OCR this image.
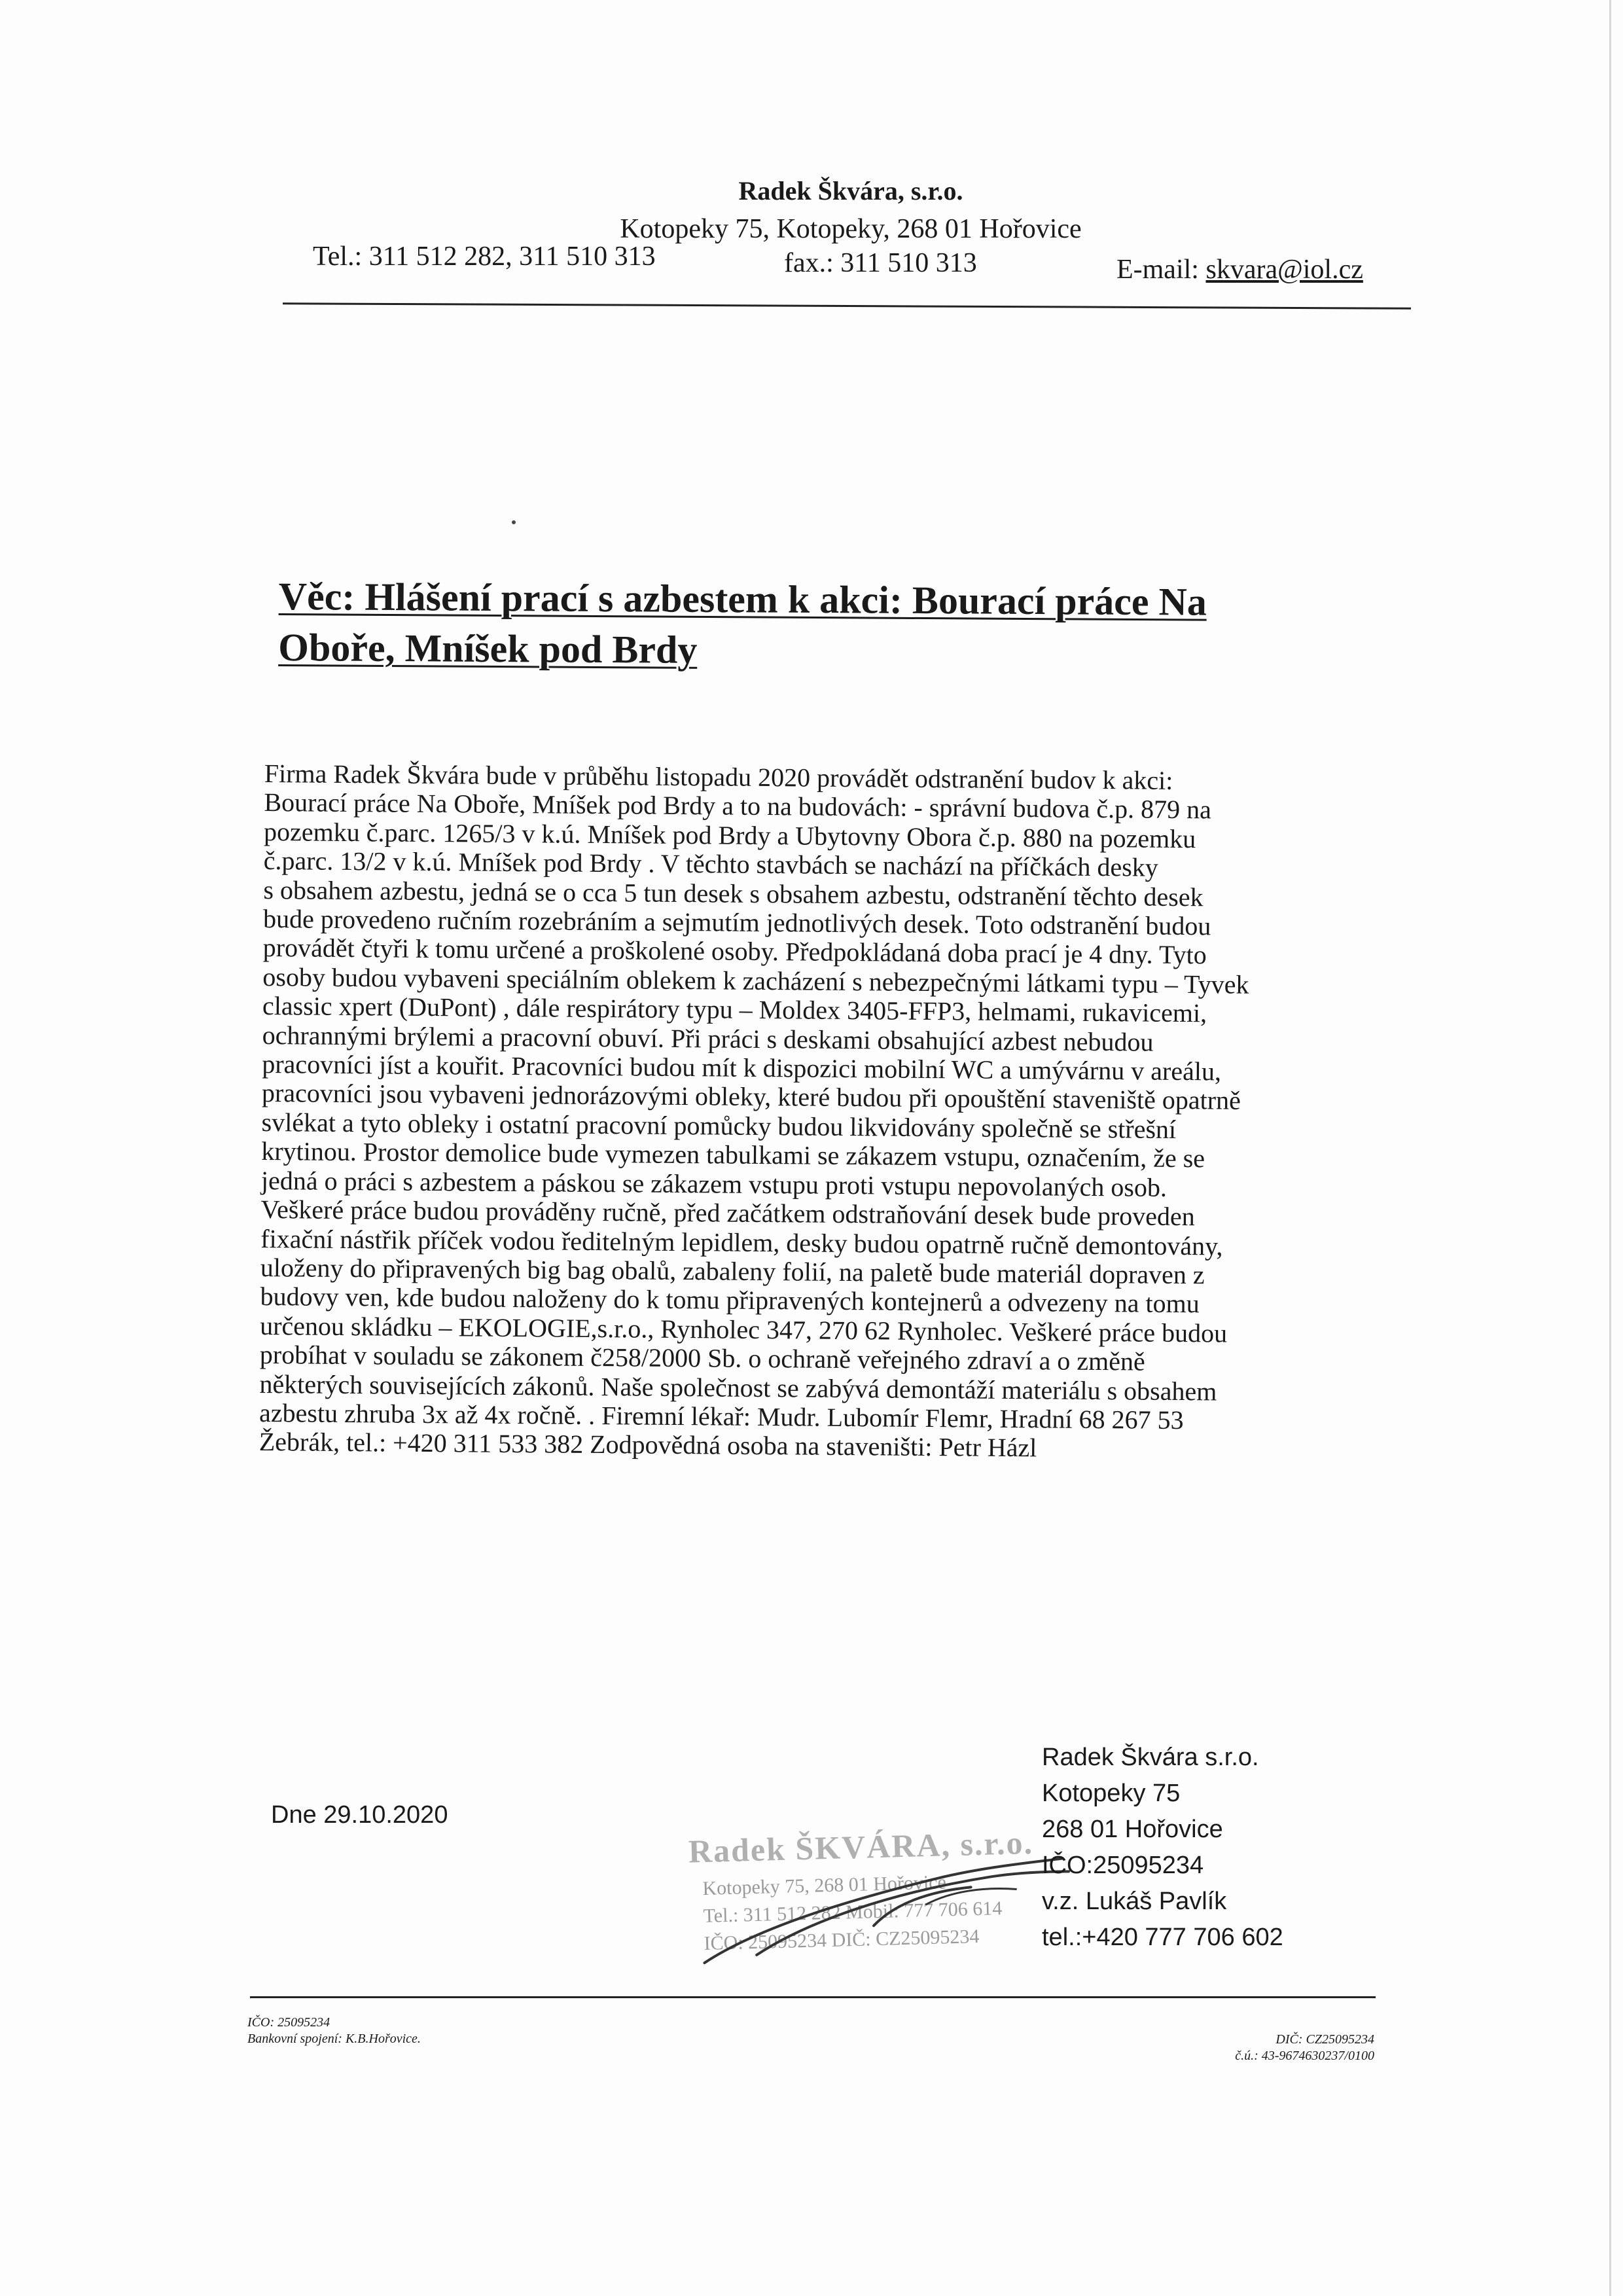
Radek Škvára, s.r.o.
Kotopeky 75, Kotopeky, 268 01 Hořovice
Tel.: 311 512 282, 311 510 313	fax.: 311 510 313	E-mail: skvara@iol.cz
Věc: Hlášení prací s azbestem k akci: Bourací práce Na
Oboře, Mníšek pod Brdy
Firma Radek Škvára bude v průběhu listopadu 2020 provádět odstranění budov k akci:
Bourací práce Na Oboře, Mníšek pod Brdy a to na budovách: - správní budova č.p. 879 na
pozemku č.parc. 1265/3 v k.ú. Mníšek pod Brdy a Ubytovny Obora č.p. 880 na pozemku
č.parc. 13/2 v k.ú. Mníšek pod Brdy . V těchto stavbách se nachází na příčkách desky
s obsahem azbestu, jedná se o cca 5 tun desek s obsahem azbestu, odstranění těchto desek
bude provedeno ručním rozebráním a sejmutím jednotlivých desek. Toto odstranění budou
provádět čtyři k tomu určené a proškolené osoby. Předpokládaná doba prací je 4 dny. Tyto
osoby budou vybaveni speciálním oblekem k zacházení s nebezpečnými látkami typu – Tyvek
classic xpert (DuPont) , dále respirátory typu – Moldex 3405-FFP3, helmami, rukavicemi,
ochrannými brýlemi a pracovní obuví. Při práci s deskami obsahující azbest nebudou
pracovníci jíst a kouřit. Pracovníci budou mít k dispozici mobilní WC a umývárnu v areálu,
pracovníci jsou vybaveni jednorázovými obleky, které budou při opouštění staveniště opatrně
svlékat a tyto obleky i ostatní pracovní pomůcky budou likvidovány společně se střešní
krytinou. Prostor demolice bude vymezen tabulkami se zákazem vstupu, označením, že se
jedná o práci s azbestem a páskou se zákazem vstupu proti vstupu nepovolaných osob.
Veškeré práce budou prováděny ručně, před začátkem odstraňování desek bude proveden
fixační nástřik příček vodou ředitelným lepidlem, desky budou opatrně ručně demontovány,
uloženy do připravených big bag obalů, zabaleny folií, na paletě bude materiál dopraven z
budovy ven, kde budou naloženy do k tomu připravených kontejnerů a odvezeny na tomu
určenou skládku – EKOLOGIE,s.r.o., Rynholec 347, 270 62 Rynholec. Veškeré práce budou
probíhat v souladu se zákonem č258/2000 Sb. o ochraně veřejného zdraví a o změně
některých souvisejících zákonů. Naše společnost se zabývá demontáží materiálu s obsahem
azbestu zhruba 3x až 4x ročně. . Firemní lékař: Mudr. Lubomír Flemr, Hradní 68 267 53
Žebrák, tel.: +420 311 533 382 Zodpovědná osoba na staveništi: Petr Házl
Dne 29.10.2020
Radek ŠKVÁRA, s.r.o.
Kotopeky 75, 268 01 Hořovice
Tel.: 311 512 282 Mobil: 777 706 614
IČO: 25095234 DIČ: CZ25095234
Radek Škvára s.r.o.
Kotopeky 75
268 01 Hořovice
IČO:25095234
v.z. Lukáš Pavlík
tel.:+420 777 706 602
IČO: 25095234
Bankovní spojení: K.B.Hořovice.	DIČ: CZ25095234
č.ú.: 43-9674630237/0100
